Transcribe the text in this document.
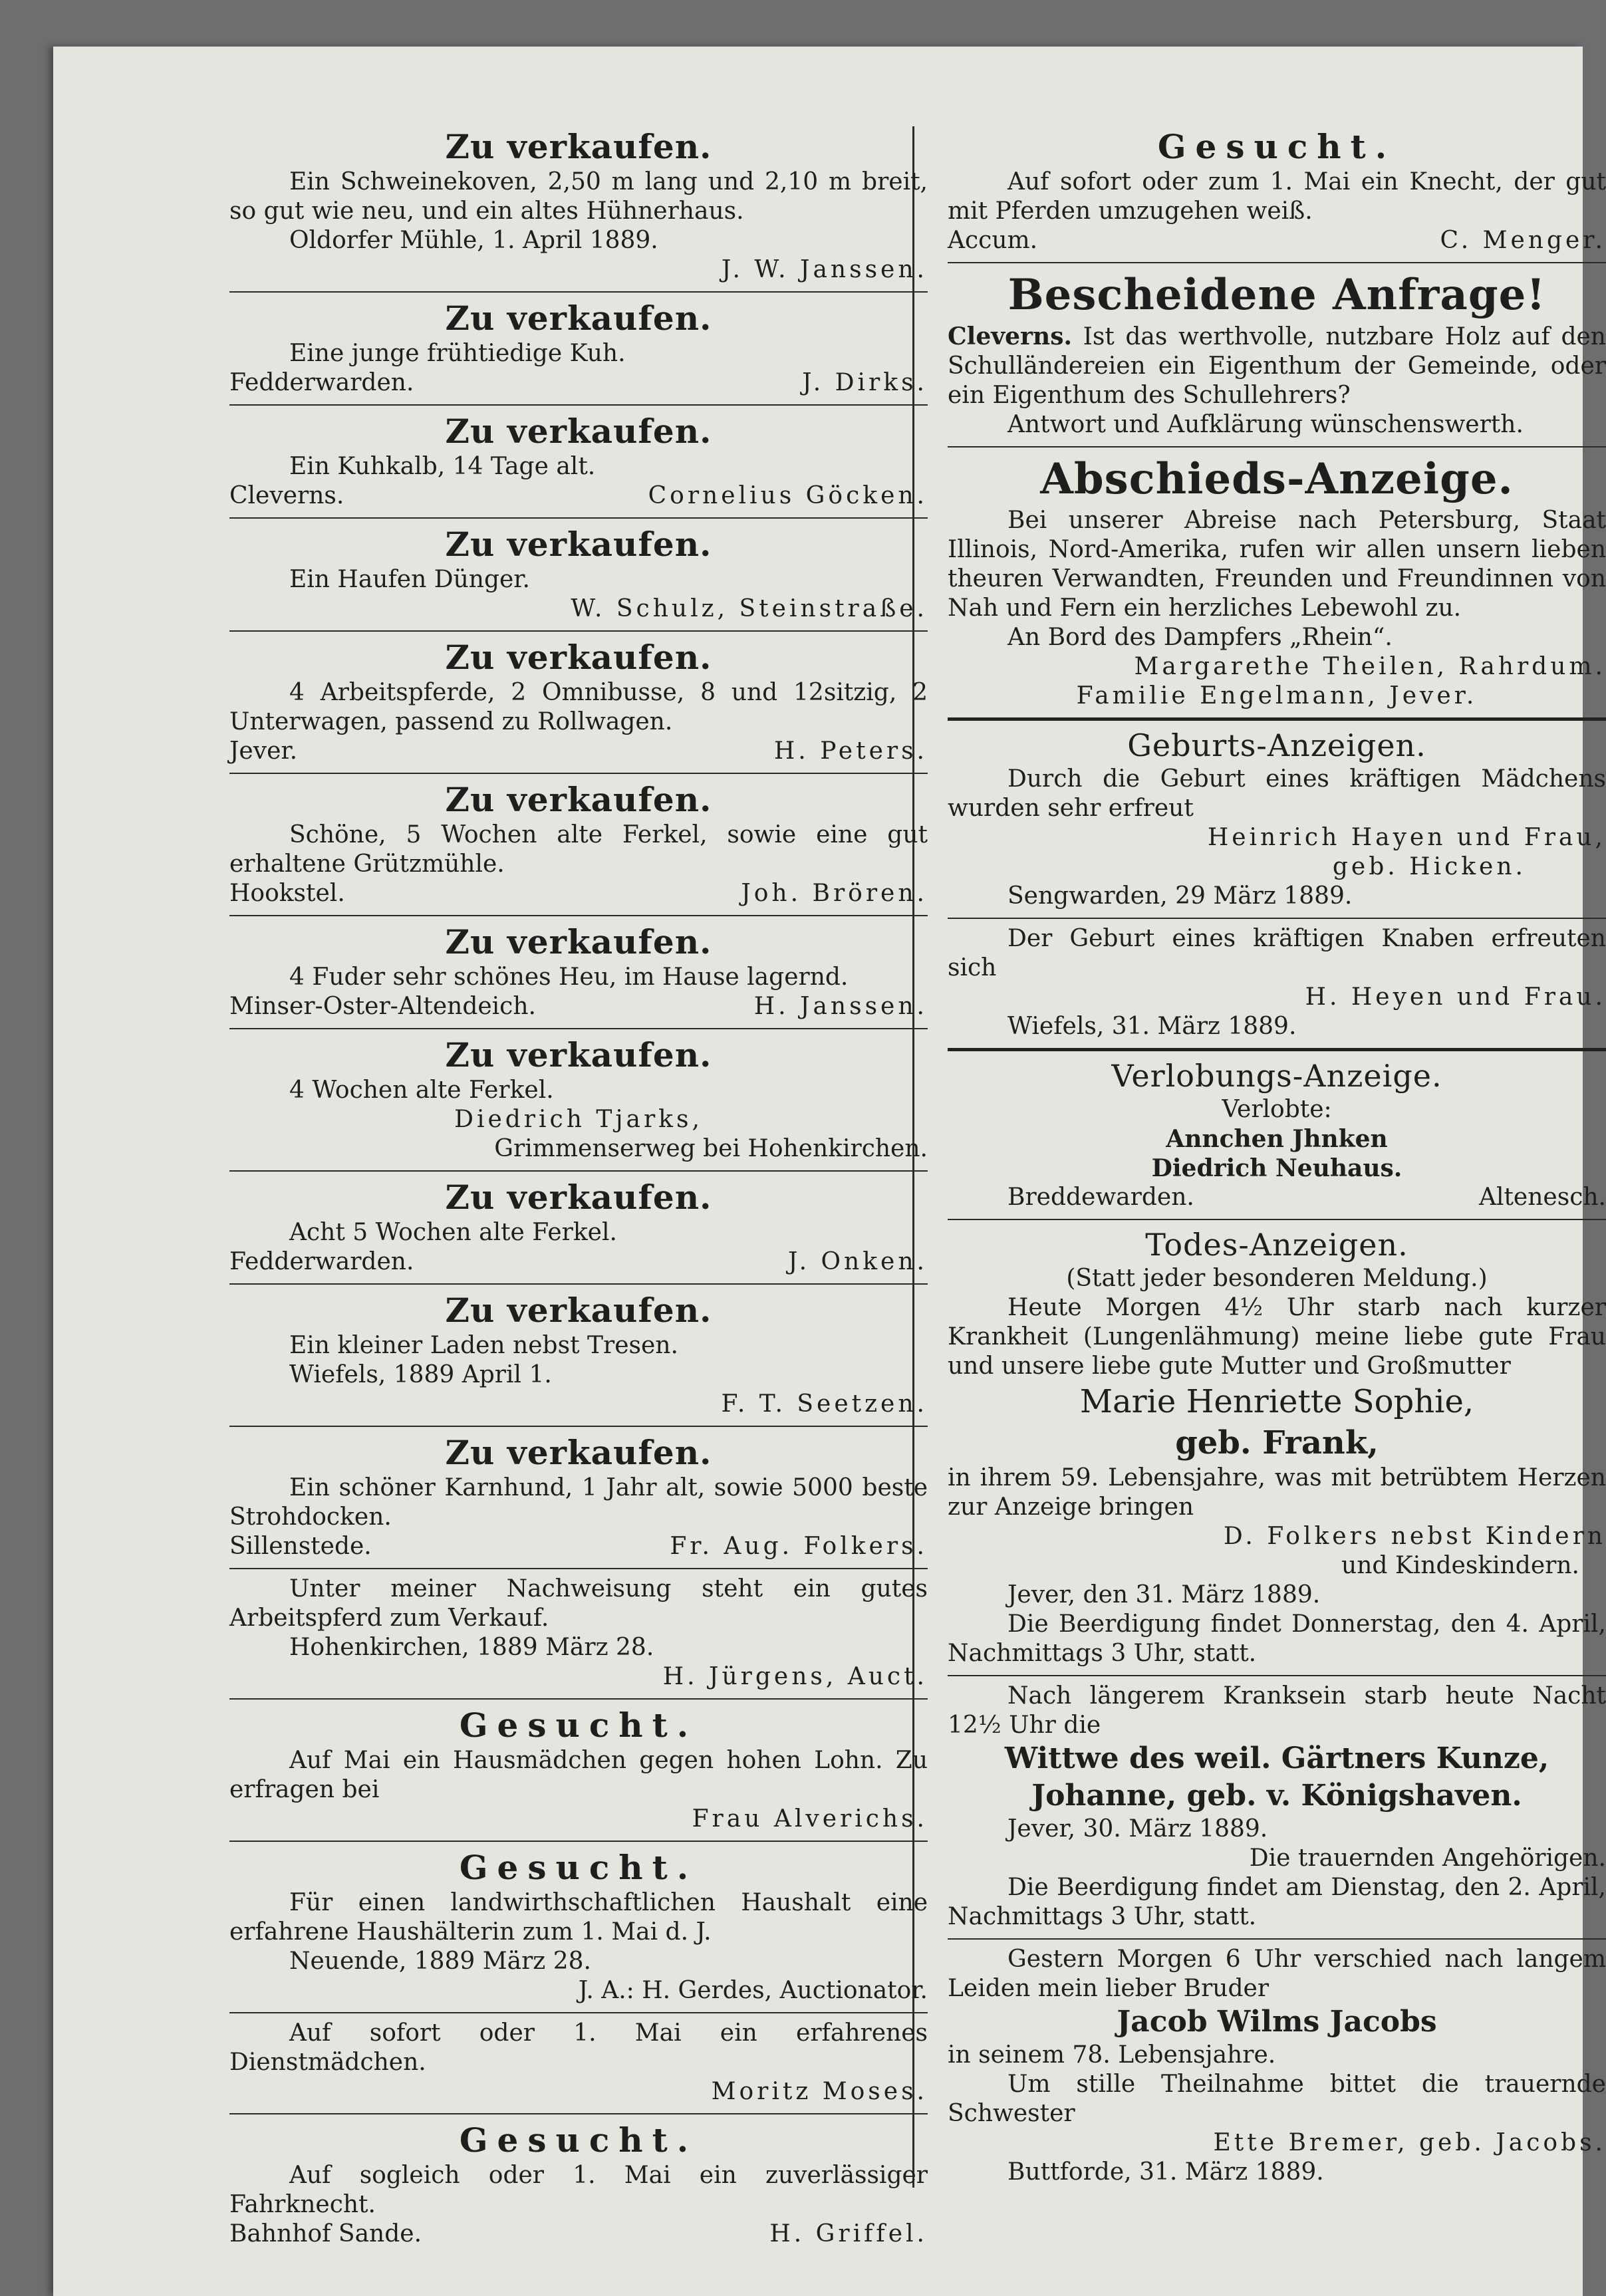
Zu verkaufen.
Ein Schweinekoven, 2,50 m lang und 2,10 m breit, so gut wie neu, und ein altes Hühnerhaus.
Oldorfer Mühle, 1. April 1889.
J. W. Janssen.
Zu verkaufen.
Eine junge frühtiedige Kuh.
Fedderwarden.	J. Dirks.
Zu verkaufen.
Ein Kuhkalb, 14 Tage alt.
Cleverns.	Cornelius Göcken.
Zu verkaufen.
Ein Haufen Dünger.
W. Schulz, Steinstraße.
Zu verkaufen.
4 Arbeitspferde, 2 Omnibusse, 8 und 12sitzig, 2 Unterwagen, passend zu Rollwagen.
Jever.	H. Peters.
Zu verkaufen.
Schöne, 5 Wochen alte Ferkel, sowie eine gut erhaltene Grützmühle.
Hookstel.	Joh. Brören.
Zu verkaufen.
4 Fuder sehr schönes Heu, im Hause lagernd.
Minser-Oster-Altendeich.	H. Janssen.
Zu verkaufen.
4 Wochen alte Ferkel.
Diedrich Tjarks,
Grimmenserweg bei Hohenkirchen.
Zu verkaufen.
Acht 5 Wochen alte Ferkel.
Fedderwarden.	J. Onken.
Zu verkaufen.
Ein kleiner Laden nebst Tresen.
Wiefels, 1889 April 1.
F. T. Seetzen.
Zu verkaufen.
Ein schöner Karnhund, 1 Jahr alt, sowie 5000 beste Strohdocken.
Sillenstede.	Fr. Aug. Folkers.
Unter meiner Nachweisung steht ein gutes Arbeitspferd zum Verkauf.
Hohenkirchen, 1889 März 28.
H. Jürgens, Auct.
Gesucht.
Auf Mai ein Hausmädchen gegen hohen Lohn. Zu erfragen bei
Frau Alverichs.
Gesucht.
Für einen landwirthschaftlichen Haushalt eine erfahrene Haushälterin zum 1. Mai d. J.
Neuende, 1889 März 28.
J. A.: H. Gerdes, Auctionator.
Auf sofort oder 1. Mai ein erfahrenes Dienstmädchen.
Moritz Moses.
Gesucht.
Auf sogleich oder 1. Mai ein zuverlässiger Fahrknecht.
Bahnhof Sande.	H. Griffel.
Gesucht.
Auf sofort oder zum 1. Mai ein Knecht, der gut mit Pferden umzugehen weiß.
Accum.	C. Menger.
Bescheidene Anfrage!
Clevernѕ. Ist das werthvolle, nutzbare Holz auf den Schulländereien ein Eigenthum der Gemeinde, oder ein Eigenthum des Schullehrers?
Antwort und Aufklärung wünschenswerth.
Abschieds-Anzeige.
Bei unserer Abreise nach Petersburg, Staat Illinois, Nord-Amerika, rufen wir allen unsern lieben theuren Verwandten, Freunden und Freundinnen von Nah und Fern ein herzliches Lebewohl zu.
An Bord des Dampfers „Rhein“.
Margarethe Theilen, Rahrdum.
Familie Engelmann, Jever.
Geburts-Anzeigen.
Durch die Geburt eines kräftigen Mädchens wurden sehr erfreut
Heinrich Hayen und Frau,
geb. Hicken.
Sengwarden, 29 März 1889.
Der Geburt eines kräftigen Knaben erfreuten sich
H. Heyen und Frau.
Wiefels, 31. März 1889.
Verlobungs-Anzeige.
Verlobte:
Annchen Jhnken
Diedrich Neuhaus.
Breddewarden.	Altenesch.
Todes-Anzeigen.
(Statt jeder besonderen Meldung.)
Heute Morgen 4½ Uhr starb nach kurzer Krankheit (Lungenlähmung) meine liebe gute Frau und unsere liebe gute Mutter und Großmutter
Marie Henriette Sophie,
geb. Frank,
in ihrem 59. Lebensjahre, was mit betrübtem Herzen zur Anzeige bringen
D. Folkers nebst Kindern
und Kindeskindern.
Jever, den 31. März 1889.
Die Beerdigung findet Donnerstag, den 4. April, Nachmittags 3 Uhr, statt.
Nach längerem Kranksein starb heute Nacht 12½ Uhr die
Wittwe des weil. Gärtners Kunze,
Johanne, geb. v. Königshaven.
Jever, 30. März 1889.
Die trauernden Angehörigen.
Die Beerdigung findet am Dienstag, den 2. April, Nachmittags 3 Uhr, statt.
Gestern Morgen 6 Uhr verschied nach langem Leiden mein lieber Bruder
Jacob Wilms Jacobs
in seinem 78. Lebensjahre.
Um stille Theilnahme bittet die trauernde Schwester
Ette Bremer, geb. Jacobs.
Buttforde, 31. März 1889.
